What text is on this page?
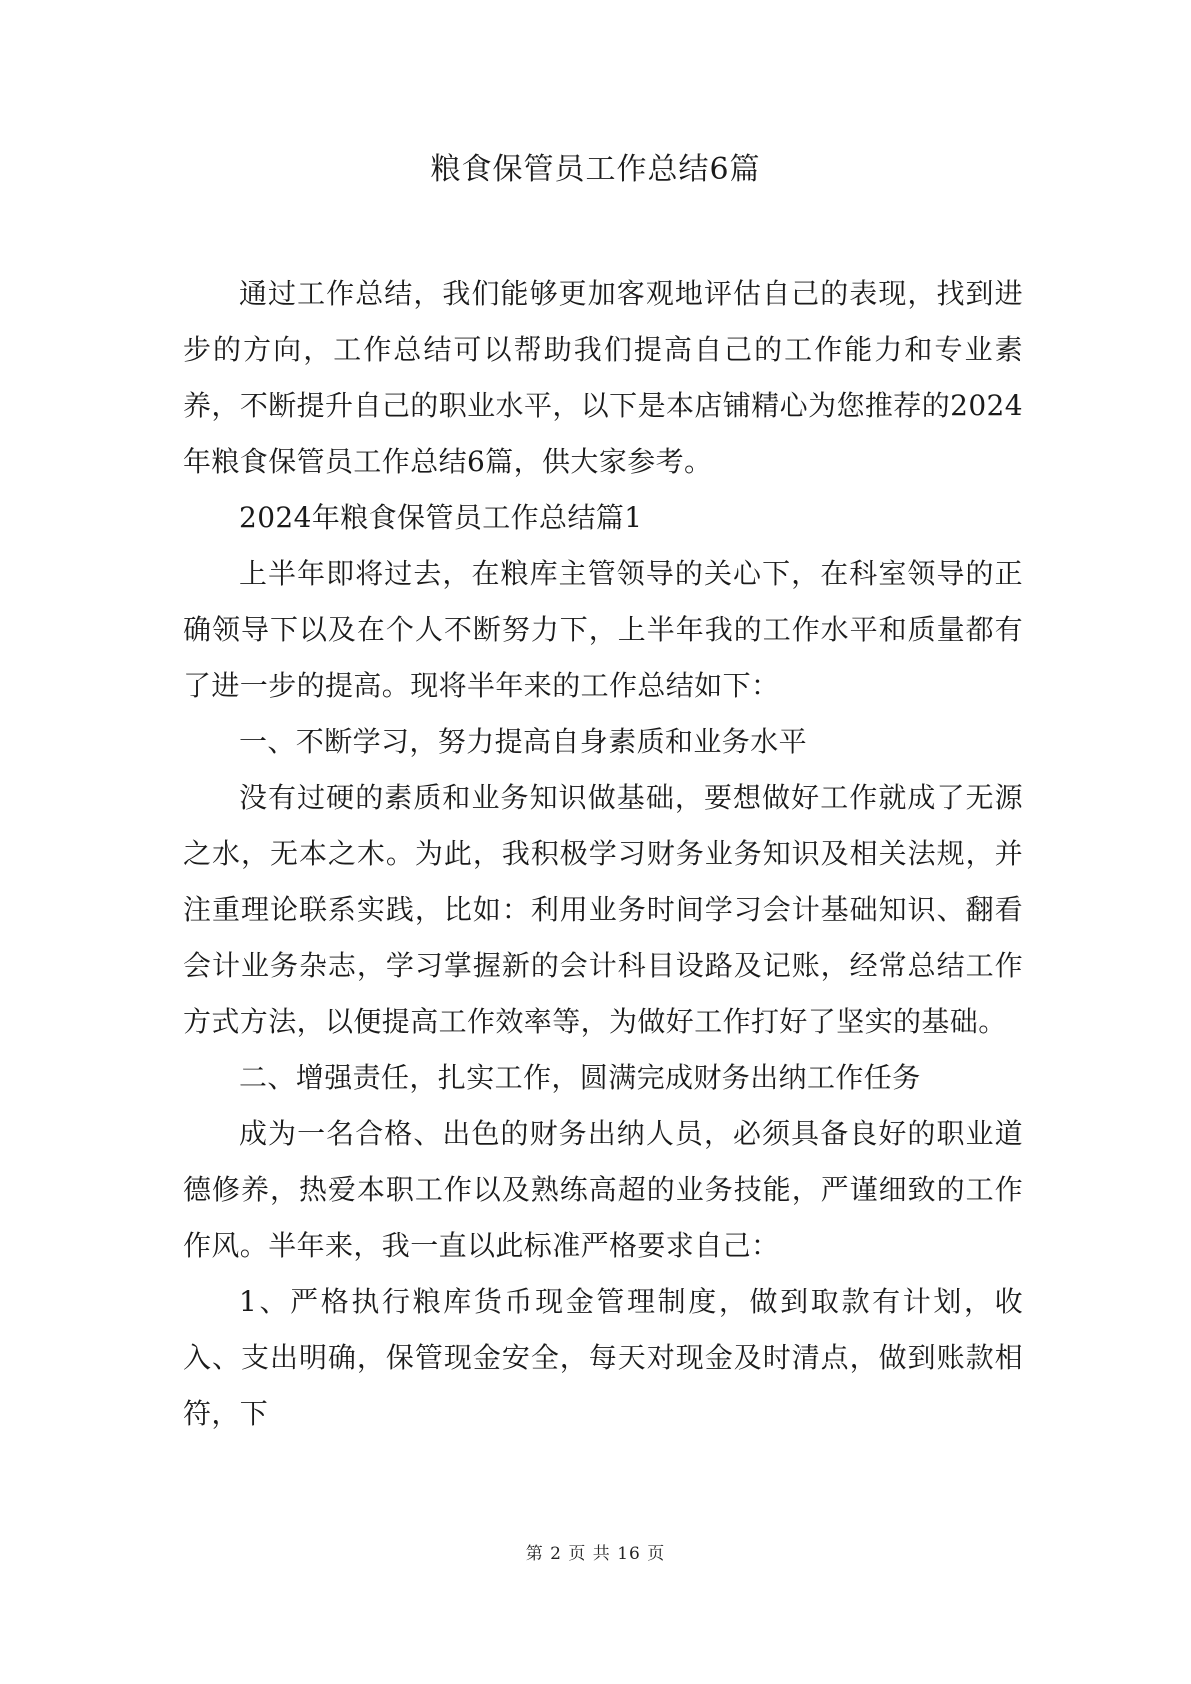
粮食保管员工作总结6篇

通过工作总结，我们能够更加客观地评估自己的表现，找到进步的方向，工作总结可以帮助我们提高自己的工作能力和专业素养，不断提升自己的职业水平，以下是本店铺精心为您推荐的2024年粮食保管员工作总结6篇，供大家参考。

2024年粮食保管员工作总结篇1

上半年即将过去，在粮库主管领导的关心下，在科室领导的正确领导下以及在个人不断努力下，上半年我的工作水平和质量都有了进一步的提高。现将半年来的工作总结如下：

一、不断学习，努力提高自身素质和业务水平

没有过硬的素质和业务知识做基础，要想做好工作就成了无源之水，无本之木。为此，我积极学习财务业务知识及相关法规，并注重理论联系实践，比如：利用业务时间学习会计基础知识、翻看会计业务杂志，学习掌握新的会计科目设路及记账，经常总结工作方式方法，以便提高工作效率等，为做好工作打好了坚实的基础。

二、增强责任，扎实工作，圆满完成财务出纳工作任务

成为一名合格、出色的财务出纳人员，必须具备良好的职业道德修养，热爱本职工作以及熟练高超的业务技能，严谨细致的工作作风。半年来，我一直以此标准严格要求自己：

1、严格执行粮库货币现金管理制度，做到取款有计划，收入、支出明确，保管现金安全，每天对现金及时清点，做到账款相符，下

第 2 页 共 16 页
